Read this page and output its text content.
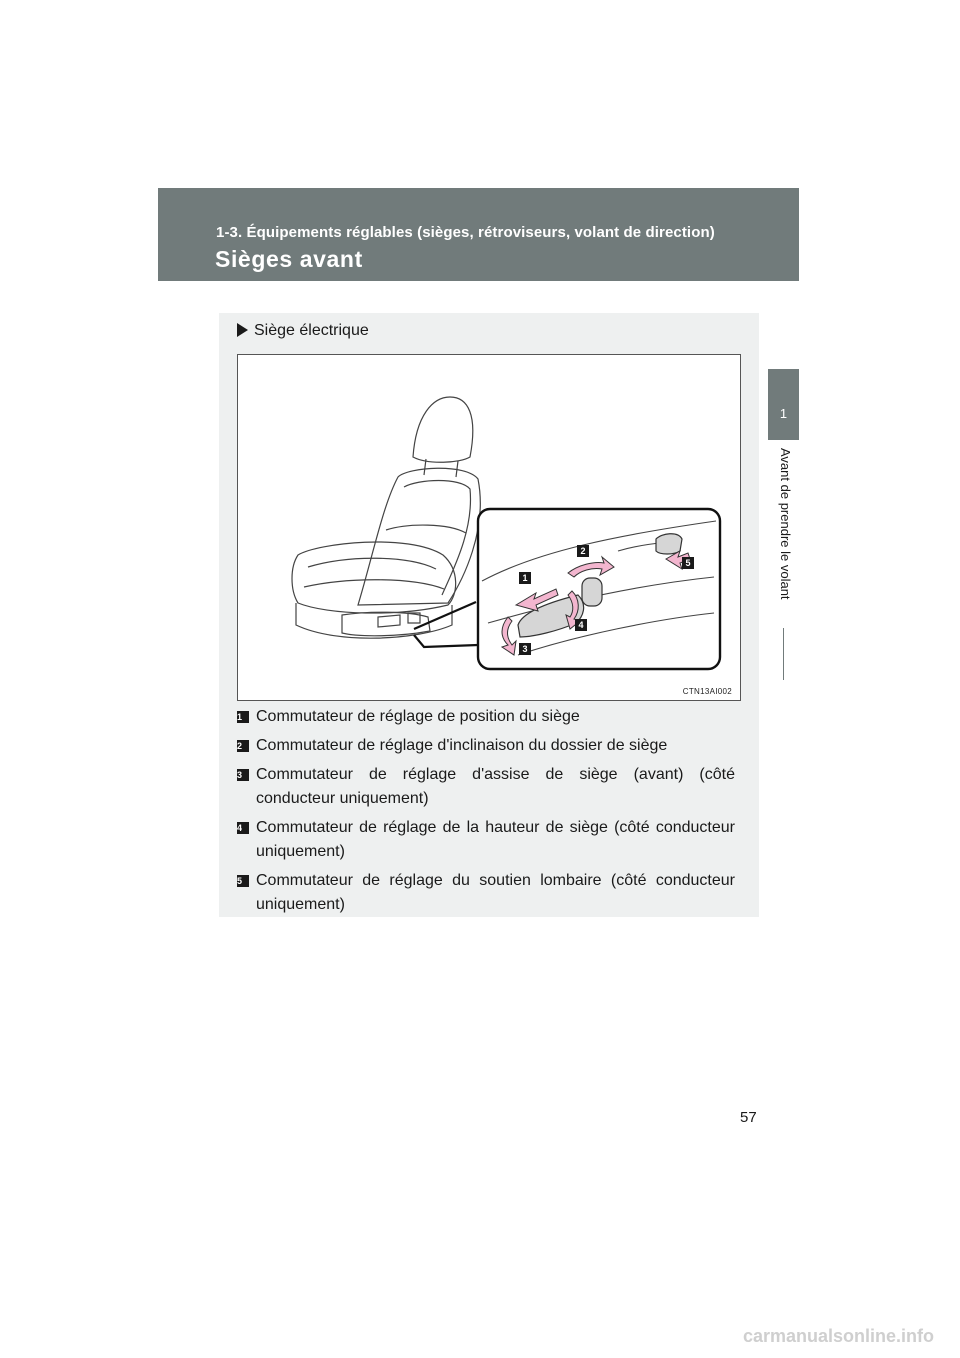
1-3. Équipements réglables (sièges, rétroviseurs, volant de direction)
Sièges avant
1
Avant de prendre le volant
Siège électrique
1
2
3
4
5
CTN13AI002
1 Commutateur de réglage de position du siège
2 Commutateur de réglage d'inclinaison du dossier de siège
3 Commutateur de réglage d'assise de siège (avant) (côté conducteur uniquement)
4 Commutateur de réglage de la hauteur de siège (côté conducteur uniquement)
5 Commutateur de réglage du soutien lombaire (côté conducteur uniquement)
57
carmanualsonline.info
